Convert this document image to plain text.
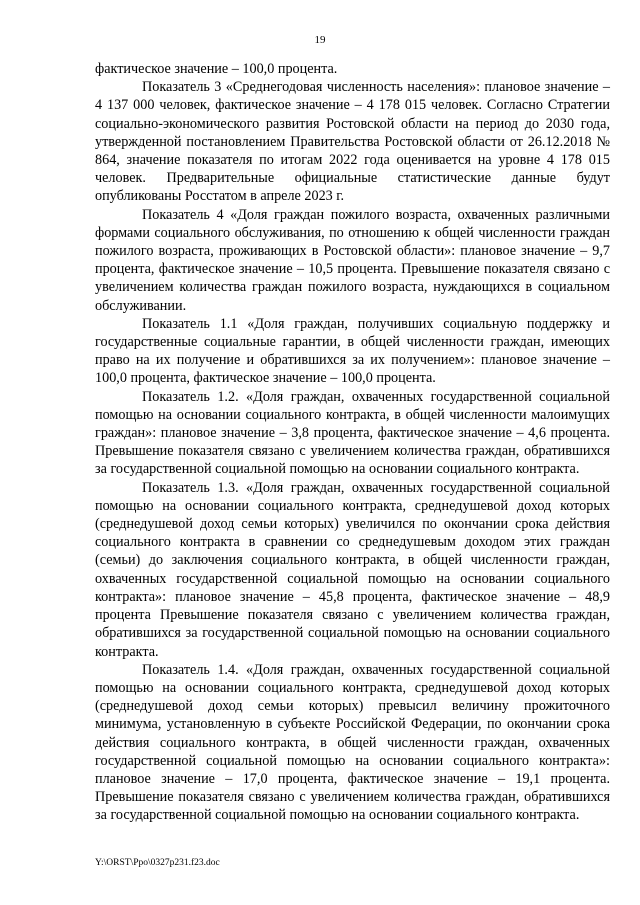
19

фактическое значение – 100,0 процента.

Показатель 3 «Среднегодовая численность населения»: плановое значение – 4 137 000 человек, фактическое значение – 4 178 015 человек. Согласно Стратегии социально-экономического развития Ростовской области на период до 2030 года, утвержденной постановлением Правительства Ростовской области от 26.12.2018 № 864, значение показателя по итогам 2022 года оценивается на уровне 4 178 015 человек. Предварительные официальные статистические данные будут опубликованы Росстатом в апреле 2023 г.

Показатель 4 «Доля граждан пожилого возраста, охваченных различными формами социального обслуживания, по отношению к общей численности граждан пожилого возраста, проживающих в Ростовской области»: плановое значение – 9,7 процента, фактическое значение – 10,5 процента. Превышение показателя связано с увеличением количества граждан пожилого возраста, нуждающихся в социальном обслуживании.

Показатель 1.1 «Доля граждан, получивших социальную поддержку и государственные социальные гарантии, в общей численности граждан, имеющих право на их получение и обратившихся за их получением»: плановое значение – 100,0 процента, фактическое значение – 100,0 процента.

Показатель 1.2. «Доля граждан, охваченных государственной социальной помощью на основании социального контракта, в общей численности малоимущих граждан»: плановое значение – 3,8 процента, фактическое значение – 4,6 процента. Превышение показателя связано с увеличением количества граждан, обратившихся за государственной социальной помощью на основании социального контракта.

Показатель 1.3. «Доля граждан, охваченных государственной социальной помощью на основании социального контракта, среднедушевой доход которых (среднедушевой доход семьи которых) увеличился по окончании срока действия социального контракта в сравнении со среднедушевым доходом этих граждан (семьи) до заключения социального контракта, в общей численности граждан, охваченных государственной социальной помощью на основании социального контракта»: плановое значение – 45,8 процента, фактическое значение – 48,9 процента Превышение показателя связано с увеличением количества граждан, обратившихся за государственной социальной помощью на основании социального контракта.

Показатель 1.4. «Доля граждан, охваченных государственной социальной помощью на основании социального контракта, среднедушевой доход которых (среднедушевой доход семьи которых) превысил величину прожиточного минимума, установленную в субъекте Российской Федерации, по окончании срока действия социального контракта, в общей численности граждан, охваченных государственной социальной помощью на основании социального контракта»: плановое значение – 17,0 процента, фактическое значение – 19,1 процента. Превышение показателя связано с увеличением количества граждан, обратившихся за государственной социальной помощью на основании социального контракта.

Y:\ORST\Ppo\0327p231.f23.doc
